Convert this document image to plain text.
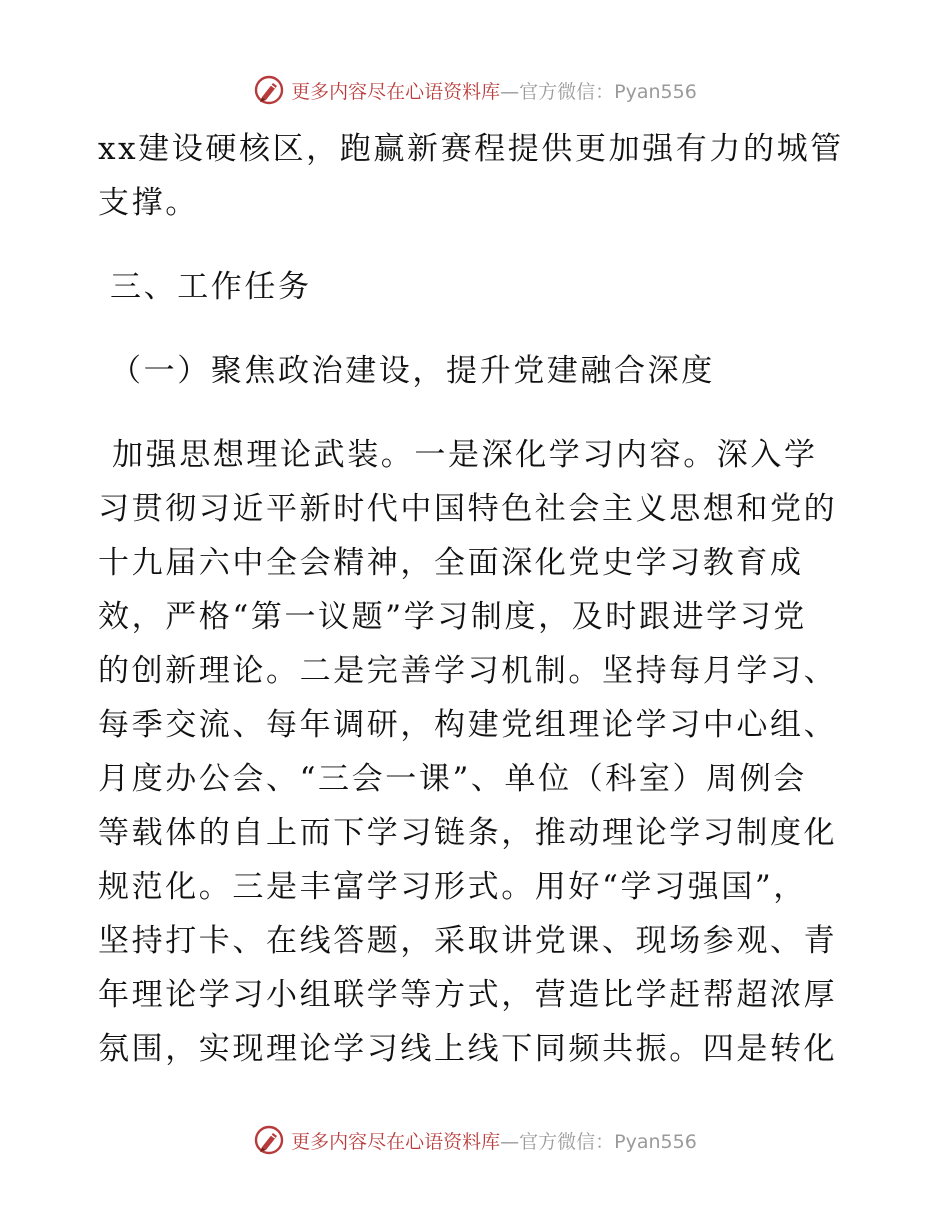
更多内容尽在心语资料库—官方微信：Pyan556
xx建设硬核区，跑赢新赛程提供更加强有力的城管
支撑。
三、工作任务
（一）聚焦政治建设，提升党建融合深度
加强思想理论武装。一是深化学习内容。深入学
习贯彻习近平新时代中国特色社会主义思想和党的
十九届六中全会精神，全面深化党史学习教育成
效，严格“第一议题”学习制度，及时跟进学习党
的创新理论。二是完善学习机制。坚持每月学习、
每季交流、每年调研，构建党组理论学习中心组、
月度办公会、“三会一课”、单位（科室）周例会
等载体的自上而下学习链条，推动理论学习制度化
规范化。三是丰富学习形式。用好“学习强国”，
坚持打卡、在线答题，采取讲党课、现场参观、青
年理论学习小组联学等方式，营造比学赶帮超浓厚
氛围，实现理论学习线上线下同频共振。四是转化
更多内容尽在心语资料库—官方微信：Pyan556
